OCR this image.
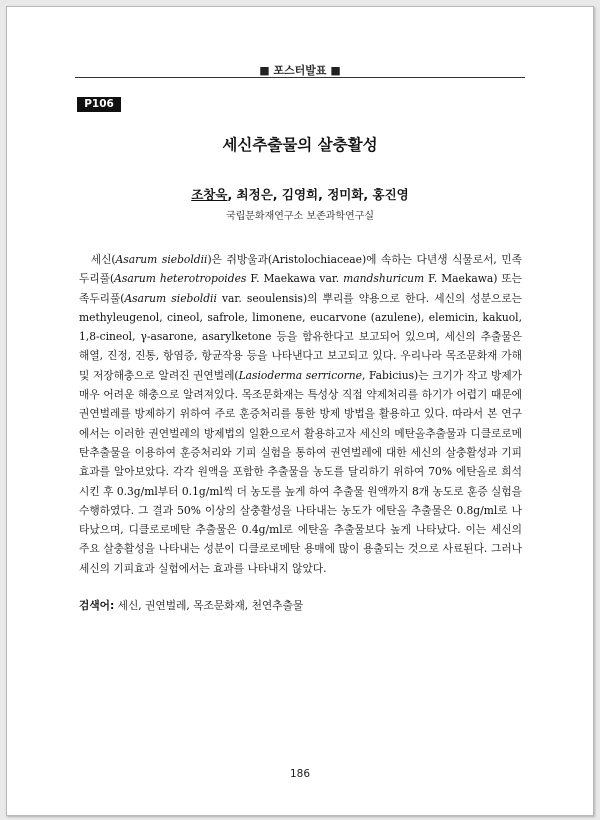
■ 포스터발표 ■
P106
세신추출물의 살충활성
조창욱, 최정은, 김영희, 정미화, 홍진영
국립문화재연구소 보존과학연구실

세신(Asarum sieboldii)은 쥐방울과(Aristolochiaceae)에 속하는 다년생 식물로서, 민족두리풀(Asarum heterotropoides F. Maekawa var. mandshuricum F. Maekawa) 또는 족두리풀(Asarum sieboldii var. seoulensis)의 뿌리를 약용으로 한다. 세신의 성분으로는 methyleugenol, cineol, safrole, limonene, eucarvone (azulene), elemicin, kakuol, 1,8-cineol, γ-asarone, asarylketone 등을 함유한다고 보고되어 있으며, 세신의 추출물은 해열, 진정, 진통, 항염증, 항균작용 등을 나타낸다고 보고되고 있다. 우리나라 목조문화재 가해 및 저장해충으로 알려진 권연벌레(Lasioderma serricorne, Fabicius)는 크기가 작고 방제가 매우 어려운 해충으로 알려져있다. 목조문화재는 특성상 직접 약제처리를 하기가 어렵기 때문에 권연벌레를 방제하기 위하여 주로 훈증처리를 통한 방제 방법을 활용하고 있다. 따라서 본 연구에서는 이러한 권연벌레의 방제법의 일환으로서 활용하고자 세신의 메탄올추출물과 디클로로메탄추출물을 이용하여 훈증처리와 기피 실험을 통하여 권연벌레에 대한 세신의 살충활성과 기피효과를 알아보았다. 각각 원액을 포함한 추출물을 농도를 달리하기 위하여 70% 에탄올로 희석시킨 후 0.3g/ml부터 0.1g/ml씩 더 농도를 높게 하여 추출물 원액까지 8개 농도로 훈증 실험을 수행하였다. 그 결과 50% 이상의 살충활성을 나타내는 농도가 에탄올 추출물은 0.8g/ml로 나타났으며, 디클로로메탄 추출물은 0.4g/ml로 에탄올 추출물보다 높게 나타났다. 이는 세신의 주요 살충활성을 나타내는 성분이 디클로로메탄 용매에 많이 용출되는 것으로 사료된다. 그러나 세신의 기피효과 실험에서는 효과를 나타내지 않았다.

검색어: 세신, 권연벌레, 목조문화재, 천연추출물
186
